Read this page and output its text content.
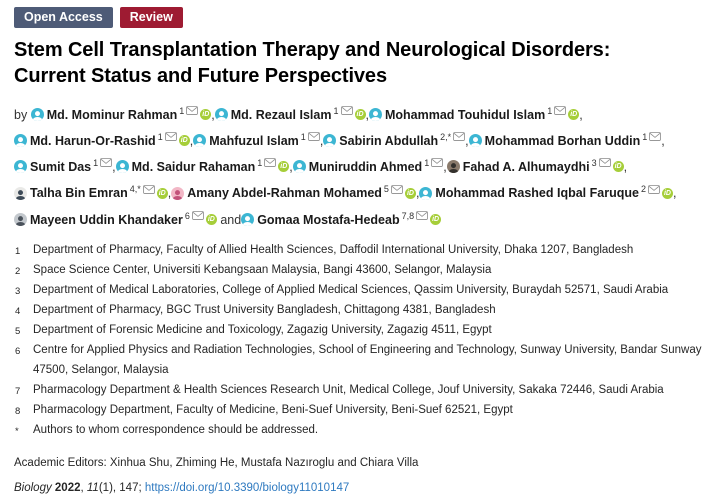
Open Access	Review
Stem Cell Transplantation Therapy and Neurological Disorders: Current Status and Future Perspectives

by Md. Mominur Rahman $^1$	iD ,
Md. Rezaul Islam $^1$	iD ,
Mohammad Touhidul Islam $^1$	iD ,
Md. Harun-Or-Rashid $^1$	iD ,
Mahfuzul Islam $^1$ ,
Sabirin Abdullah $^{2,*}$ ,
Mohammad Borhan Uddin $^1$ ,
Sumit Das $^1$ ,
Md. Saidur Rahaman $^1$	iD ,
Muniruddin Ahmed $^1$ ,
Fahad A. Alhumaydhi $^3$	iD ,
Talha Bin Emran $^{4,*}$	iD ,
Amany Abdel-Rahman Mohamed $^5$	iD ,
Mohammad Rashed Iqbal Faruque $^2$	iD ,
Mayeen Uddin Khandaker $^6$	iD and
Gomaa Mostafa-Hedeab $^{7,8}$	iD

1 Department of Pharmacy, Faculty of Allied Health Sciences, Daffodil International University, Dhaka 1207, Bangladesh
2 Space Science Center, Universiti Kebangsaan Malaysia, Bangi 43600, Selangor, Malaysia
3 Department of Medical Laboratories, College of Applied Medical Sciences, Qassim University, Buraydah 52571, Saudi Arabia
4 Department of Pharmacy, BGC Trust University Bangladesh, Chittagong 4381, Bangladesh
5 Department of Forensic Medicine and Toxicology, Zagazig University, Zagazig 4511, Egypt
6 Centre for Applied Physics and Radiation Technologies, School of Engineering and Technology, Sunway University, Bandar Sunway 47500, Selangor, Malaysia
7 Pharmacology Department & Health Sciences Research Unit, Medical College, Jouf University, Sakaka 72446, Saudi Arabia
8 Pharmacology Department, Faculty of Medicine, Beni-Suef University, Beni-Suef 62521, Egypt
* Authors to whom correspondence should be addressed.
Academic Editors: Xinhua Shu, Zhiming He, Mustafa Nazıroglu and Chiara Villa
Biology 2022, 11(1), 147; https://doi.org/10.3390/biology11010147
